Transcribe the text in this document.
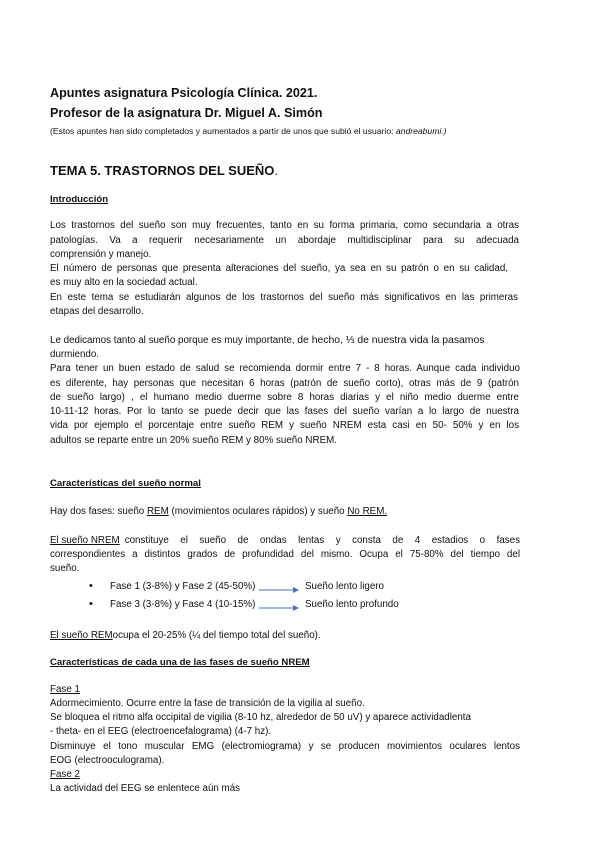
Apuntes asignatura Psicología Clínica. 2021.
Profesor de la asignatura Dr. Miguel A. Simón
(Estos apuntes han sido completados y aumentados a partir de unos que subió el usuario: andreabumi.)
TEMA 5. TRASTORNOS DEL SUEÑO.
Introducción
Los trastornos del sueño son muy frecuentes, tanto en su forma primaria, como secundaria a otras
patologías. Va a requerir necesariamente un abordaje multidisciplinar para su adecuada
comprensión y manejo.
El número de personas que presenta alteraciones del sueño, ya sea en su patrón o en su calidad,
es muy alto en la sociedad actual.
En este tema se estudiarán algunos de los trastornos del sueño más significativos en las primeras
etapas del desarrollo.
Le dedicamos tanto al sueño porque es muy importante, de hecho, ⅓ de nuestra vida la pasamos
durmiendo.
Para tener un buen estado de salud se recomienda dormir entre 7 - 8 horas. Aunque cada individuo
es diferente, hay personas que necesitan 6 horas (patrón de sueño corto), otras más de 9 (patrón
de sueño largo) , el humano medio duerme sobre 8 horas diarias y el niño medio duerme entre
10-11-12 horas. Por lo tanto se puede decir que las fases del sueño varían a lo largo de nuestra
vida por ejemplo el porcentaje entre sueño REM y sueño NREM esta casi en 50- 50% y en los
adultos se reparte entre un 20% sueño REM y 80% sueño NREM.
Características del sueño normal
Hay dos fases: sueño REM (movimientos oculares rápidos) y sueño No REM.
El sueño NREM constituye el sueño de ondas lentas y consta de 4 estadios o fases
correspondientes a distintos grados de profundidad del mismo. Ocupa el 75-80% del tiempo del
sueño.
• Fase 1 (3-8%) y Fase 2 (45-50%)	Sueño lento ligero
• Fase 3 (3-8%) y Fase 4 (10-15%)	Sueño lento profundo
El sueño REMocupa el 20-25% (¼ del tiempo total del sueño).
Características de cada una de las fases de sueño NREM
Fase 1
Adormecimiento. Ocurre entre la fase de transición de la vigilia al sueño.
Se bloquea el ritmo alfa occipital de vigilia (8-10 hz, alrededor de 50 uV) y aparece actividadlenta
- theta- en el EEG (electroencefalograma) (4-7 hz).
Disminuye el tono muscular EMG (electromiograma) y se producen movimientos oculares lentos
EOG (electrooculograma).
Fase 2
La actividad del EEG se enlentece aún más
